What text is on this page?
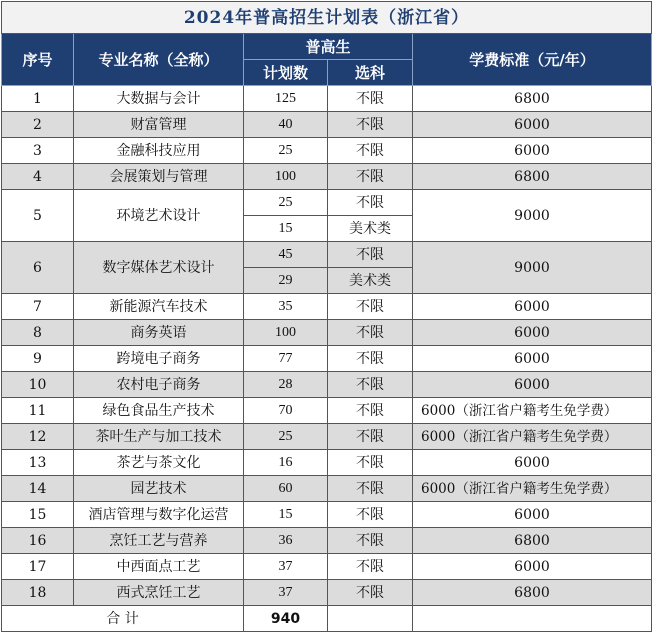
2024年普高招生计划表（浙江省）				
序号	专业名称（全称）	普高生		学费标准（元/年）
		计划数	选科	
1	大数据与会计	125	不限	6800
2	财富管理	40	不限	6000
3	金融科技应用	25	不限	6000
4	会展策划与管理	100	不限	6800
5	环境艺术设计	25	不限	9000
		15	美术类	
6	数字媒体艺术设计	45	不限	9000
		29	美术类	
7	新能源汽车技术	35	不限	6000
8	商务英语	100	不限	6000
9	跨境电子商务	77	不限	6000
10	农村电子商务	28	不限	6000
11	绿色食品生产技术	70	不限	6000（浙江省户籍考生免学费）
12	茶叶生产与加工技术	25	不限	6000（浙江省户籍考生免学费）
13	茶艺与茶文化	16	不限	6000
14	园艺技术	60	不限	6000（浙江省户籍考生免学费）
15	酒店管理与数字化运营	15	不限	6000
16	烹饪工艺与营养	36	不限	6800
17	中西面点工艺	37	不限	6000
18	西式烹饪工艺	37	不限	6800
合 计		940		
